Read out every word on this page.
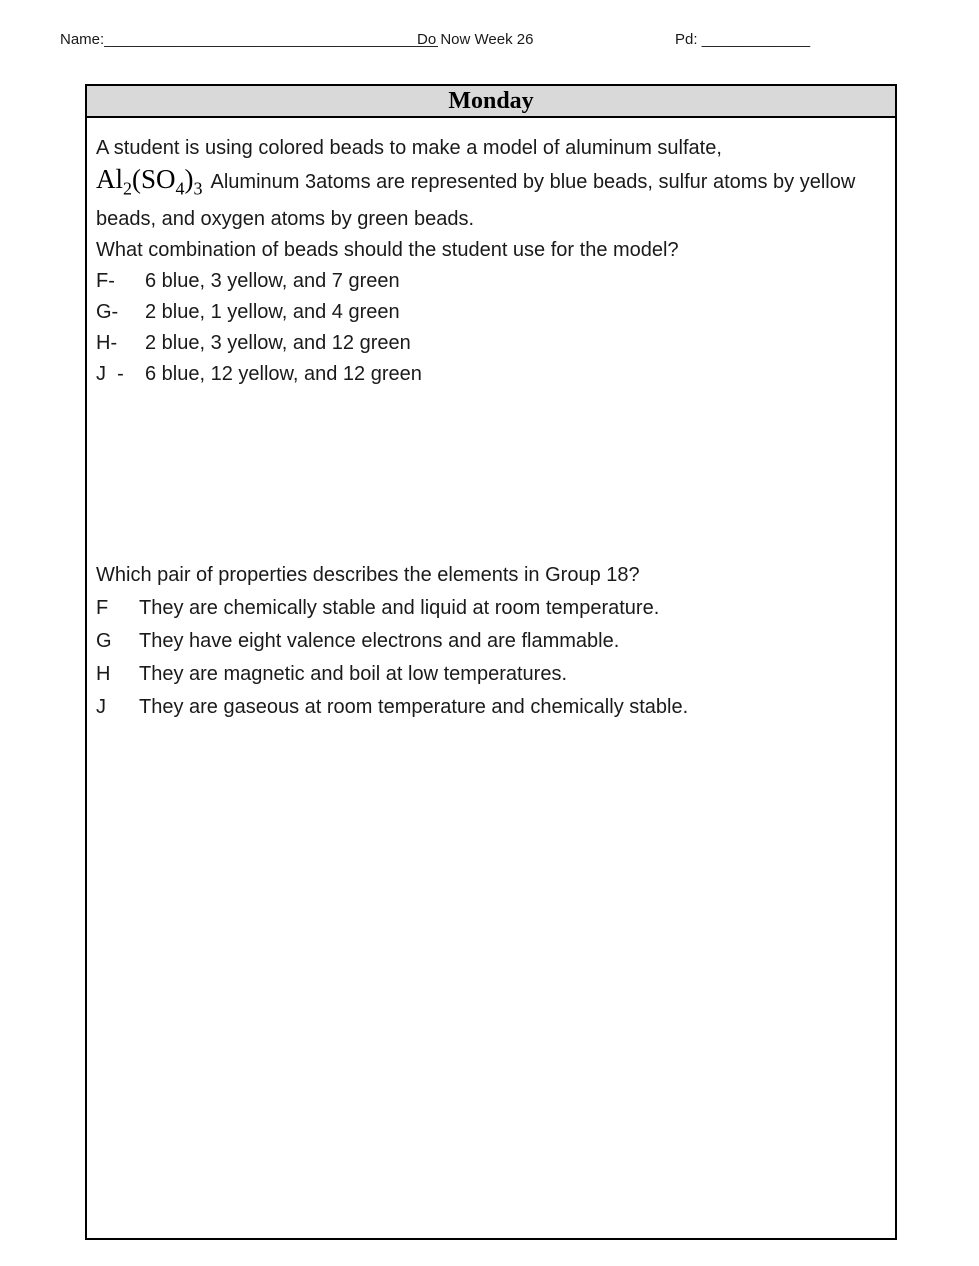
Name:________________________________________
Do Now Week 26	Pd: _____________
Monday

A student is using colored beads to make a model of aluminum sulfate,

$Al_2(SO_4)_3$ Aluminum 3atoms are represented by blue beads, sulfur atoms by yellow beads, and oxygen atoms by green beads.

What combination of beads should the student use for the model?

F- 6 blue, 3 yellow, and 7 green
G-	2 blue, 1 yellow, and 4 green
H-	2 blue, 3 yellow, and 12 green
J  -	6 blue, 12 yellow, and 12 green

Which pair of properties describes the elements in Group 18?

F	They are chemically stable and liquid at room temperature.
G	They have eight valence electrons and are flammable.
H	They are magnetic and boil at low temperatures.
J	They are gaseous at room temperature and chemically stable.
